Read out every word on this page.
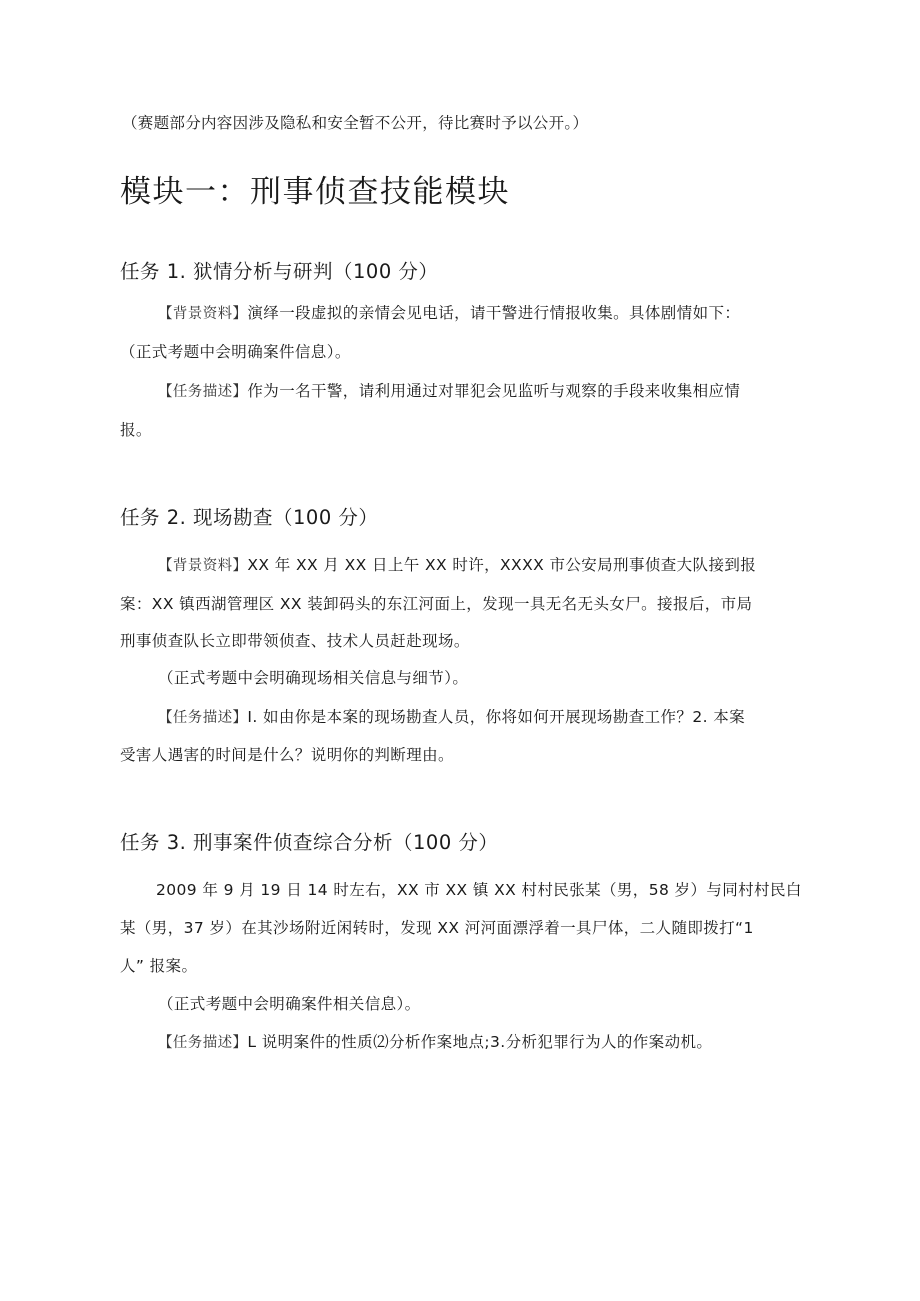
（赛题部分内容因涉及隐私和安全暂不公开，待比赛时予以公开。）
模块一：刑事侦查技能模块
任务 1. 狱情分析与研判（100 分）

【背景资料】演绎一段虚拟的亲情会见电话，请干警进行情报收集。具体剧情如下：

（正式考题中会明确案件信息）。

【任务描述】作为一名干警，请利用通过对罪犯会见监听与观察的手段来收集相应情

报。

任务 2. 现场勘查（100 分）

【背景资料】XX 年 XX 月 XX 日上午 XX 时许，XXXX 市公安局刑事侦查大队接到报

案：XX 镇西湖管理区 XX 装卸码头的东江河面上，发现一具无名无头女尸。接报后，市局

刑事侦查队长立即带领侦查、技术人员赶赴现场。

（正式考题中会明确现场相关信息与细节）。

【任务描述】I. 如由你是本案的现场勘查人员，你将如何开展现场勘查工作？2. 本案

受害人遇害的时间是什么？说明你的判断理由。

任务 3. 刑事案件侦查综合分析（100 分）

2009 年 9 月 19 日 14 时左右，XX 市 XX 镇 XX 村村民张某（男，58 岁）与同村村民白

某（男，37 岁）在其沙场附近闲转时，发现 XX 河河面漂浮着一具尸体，二人随即拨打“1

人” 报案。

（正式考题中会明确案件相关信息）。

【任务描述】L 说明案件的性质⑵分析作案地点;3.分析犯罪行为人的作案动机。
